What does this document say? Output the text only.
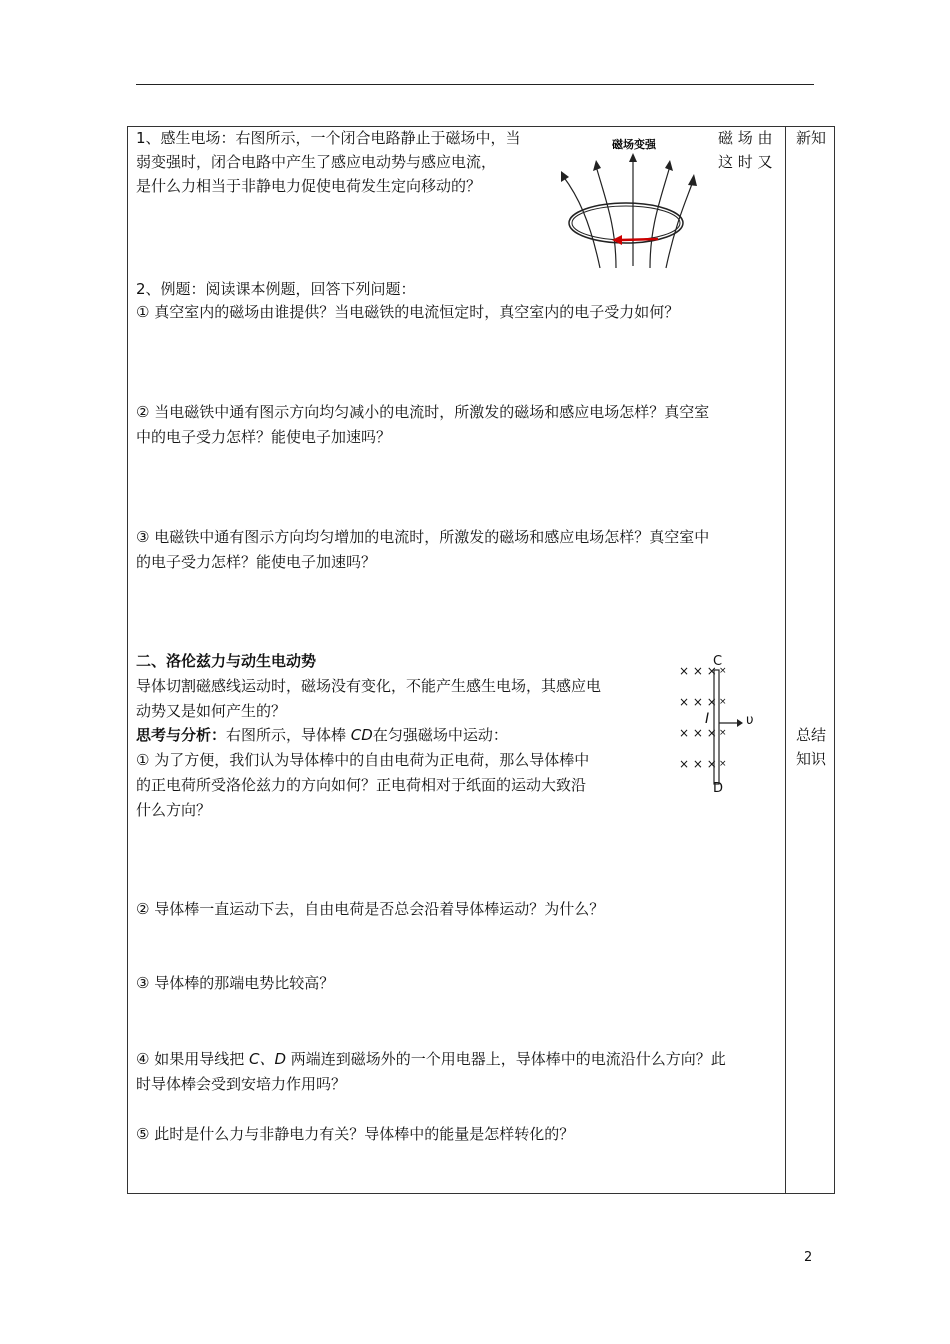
新知
总结
知识
1、感生电场：右图所示，一个闭合电路静止于磁场中，当	磁 场 由
弱变强时，闭合电路中产生了感应电动势与感应电流，	这 时 又
是什么力相当于非静电力促使电荷发生定向移动的？
磁场变强
2、例题：阅读课本例题，回答下列问题：
① 真空室内的磁场由谁提供？当电磁铁的电流恒定时，真空室内的电子受力如何？
② 当电磁铁中通有图示方向均匀减小的电流时，所激发的磁场和感应电场怎样？真空室
中的电子受力怎样？能使电子加速吗？
③ 电磁铁中通有图示方向均匀增加的电流时，所激发的磁场和感应电场怎样？真空室中
的电子受力怎样？能使电子加速吗？
二、洛伦兹力与动生电动势
导体切割磁感线运动时，磁场没有变化，不能产生感生电场，其感应电
动势又是如何产生的？
思考与分析：右图所示，导体棒 CD在匀强磁场中运动：
① 为了方便，我们认为导体棒中的自由电荷为正电荷，那么导体棒中
的正电荷所受洛伦兹力的方向如何？正电荷相对于纸面的运动大致沿
什么方向？
② 导体棒一直运动下去，自由电荷是否总会沿着导体棒运动？为什么？
③ 导体棒的那端电势比较高？
④ 如果用导线把 C、D 两端连到磁场外的一个用电器上，导体棒中的电流沿什么方向？此
时导体棒会受到安培力作用吗？
⑤ 此时是什么力与非静电力有关？导体棒中的能量是怎样转化的？
C
D
× × ×
× × ×
× × ×
× × ×
×
×
×
×
I	υ
2
